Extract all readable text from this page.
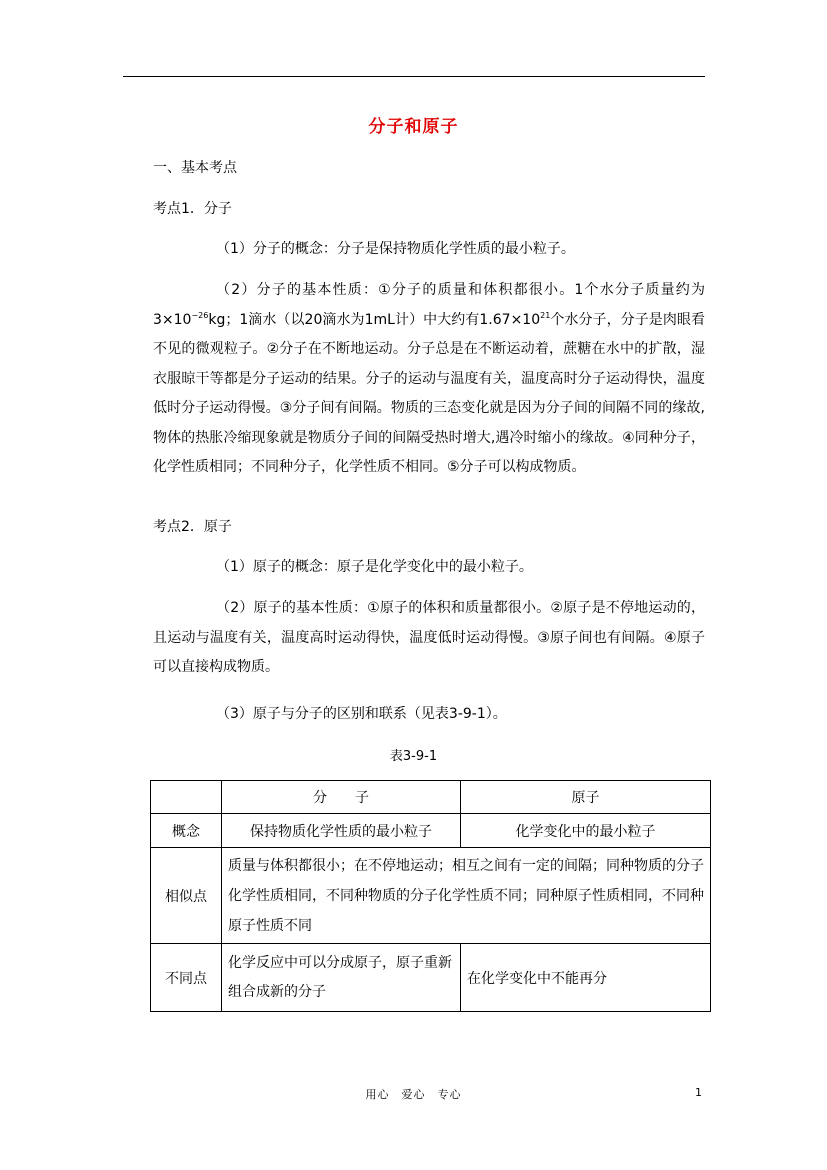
分子和原子
一、基本考点
考点1．分子
（1）分子的概念：分子是保持物质化学性质的最小粒子。
（2）分子的基本性质：①分子的质量和体积都很小。1个水分子质量约为$3\times 10^{-26}kg$；1滴水（以20滴水为1mL计）中大约有$1.67\times 10^{21}$个水分子，分子是肉眼看不见的微观粒子。②分子在不断地运动。分子总是在不断运动着，蔗糖在水中的扩散，湿衣服晾干等都是分子运动的结果。分子的运动与温度有关，温度高时分子运动得快，温度低时分子运动得慢。③分子间有间隔。物质的三态变化就是因为分子间的间隔不同的缘故,物体的热胀冷缩现象就是物质分子间的间隔受热时增大,遇冷时缩小的缘故。④同种分子，化学性质相同；不同种分子，化学性质不相同。⑤分子可以构成物质。
考点2．原子
（1）原子的概念：原子是化学变化中的最小粒子。
（2）原子的基本性质：①原子的体积和质量都很小。②原子是不停地运动的，且运动与温度有关，温度高时运动得快，温度低时运动得慢。③原子间也有间隔。④原子可以直接构成物质。
（3）原子与分子的区别和联系（见表3-9-1）。
表3-9-1
	分　　子	原子
概念	保持物质化学性质的最小粒子	化学变化中的最小粒子
相似点	质量与体积都很小；在不停地运动；相互之间有一定的间隔；同种物质的分子化学性质相同，不同种物质的分子化学性质不同；同种原子性质相同，不同种原子性质不同	
不同点	化学反应中可以分成原子，原子重新组合成新的分子	在化学变化中不能再分
用心　爱心　专心	1
